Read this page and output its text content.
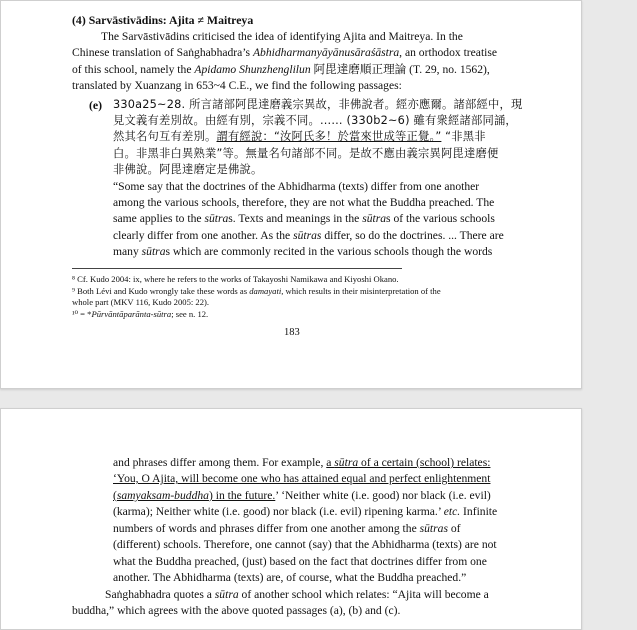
(4) Sarvāstivādins: Ajita ≠ Maitreya
The Sarvāstivādins criticised the idea of identifying Ajita and Maitreya. In the
Chinese translation of Saṅghabhadra’s Abhidharmanyāyānusāraśāstra, an orthodox treatise
of this school, namely the Apidamo Shunzhenglilun 阿毘達磨順正理論 (T. 29, no. 1562),
translated by Xuanzang in 653~4 C.E., we find the following passages:
(e) 330a25~28. 所言諸部阿毘達磨義宗異故，非佛說者。經亦應爾。諸部經中，現
見文義有差別故。由經有別，宗義不同。...... (330b2~6) 雖有衆經諸部同誦，
然其名句互有差別。謂有經說：“汝阿氏多！於當來世成等正覺。” “非黑非
白。非黑非白異熟業”等。無量名句諸部不同。是故不應由義宗異阿毘達磨便
非佛說。阿毘達磨定是佛說。
“Some say that the doctrines of the Abhidharma (texts) differ from one another
among the various schools, therefore, they are not what the Buddha preached. The
same applies to the sūtras. Texts and meanings in the sūtras of the various schools
clearly differ from one another. As the sūtras differ, so do the doctrines. ... There are
many sūtras which are commonly recited in the various schools though the words
⁸ Cf. Kudo 2004: ix, where he refers to the works of Takayoshi Namikawa and Kiyoshi Okano.
⁹ Both Lévi and Kudo wrongly take these words as damayati, which results in their misinterpretation of the
whole part (MKV 116, Kudo 2005: 22).
¹⁰ = *Pūrvāntāparānta-sūtra; see n. 12.
183
and phrases differ among them. For example, a sūtra of a certain (school) relates:
‘You, O Ajita, will become one who has attained equal and perfect enlightenment
(samyaksam-buddha) in the future.’ ‘Neither white (i.e. good) nor black (i.e. evil)
(karma); Neither white (i.e. good) nor black (i.e. evil) ripening karma.’ etc. Infinite
numbers of words and phrases differ from one another among the sūtras of
(different) schools. Therefore, one cannot (say) that the Abhidharma (texts) are not
what the Buddha preached, (just) based on the fact that doctrines differ from one
another. The Abhidharma (texts) are, of course, what the Buddha preached.”
Saṅghabhadra quotes a sūtra of another school which relates: “Ajita will become a
buddha,” which agrees with the above quoted passages (a), (b) and (c).
